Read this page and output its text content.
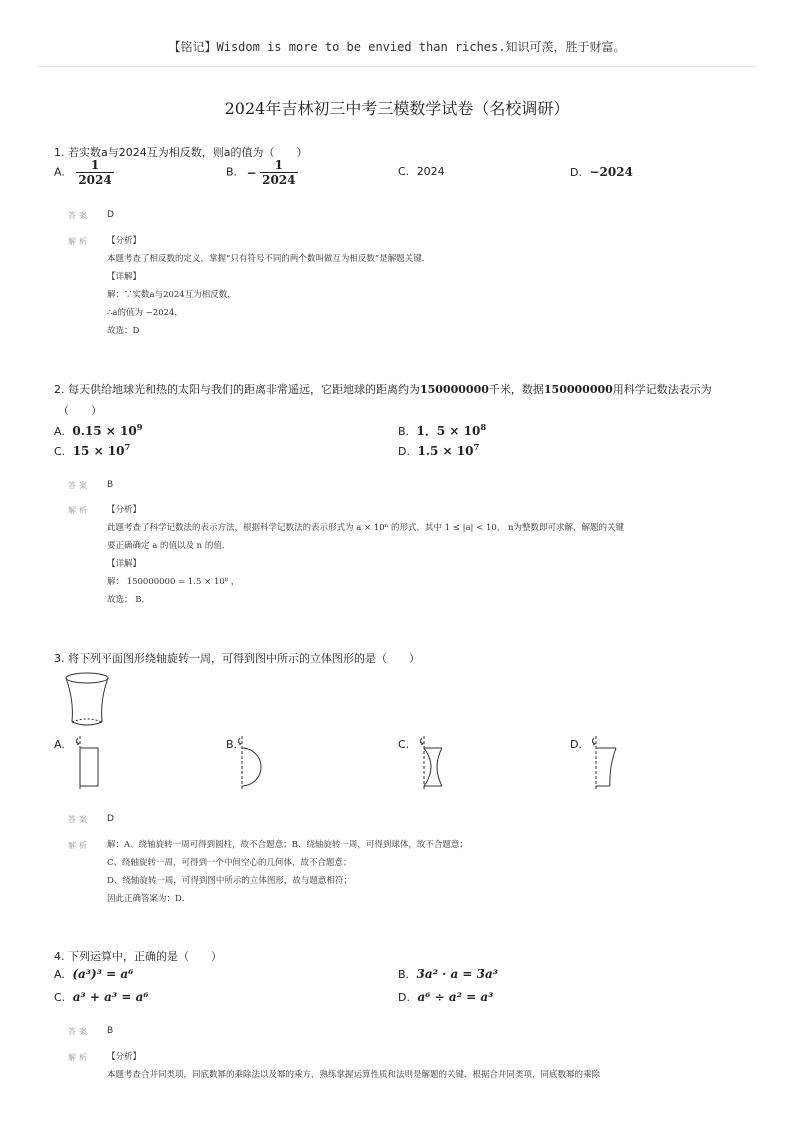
【铭记】Wisdom is more to be envied than riches.知识可羡，胜于财富。
2024年吉林初三中考三模数学试卷（名校调研）
1. 若实数a与2024互为相反数，则a的值为（　　）
A. $\frac{1}{2024}$	B. − $\frac{1}{2024}$	C. 2024	D. −2024
答案 D
解析 【分析】
本题考查了相反数的定义，掌握“只有符号不同的两个数叫做互为相反数”是解题关键．
【详解】
解：∵实数a与2024互为相反数，
∴a的值为 −2024，
故选：D
2. 每天供给地球光和热的太阳与我们的距离非常遥远，它距地球的距离约为150000000千米，数据150000000用科学记数法表示为
（　　）
A. $0.15 \times 10^9$	B. 1．$5 \times 10^8$
C. $15 \times 10^7$	D. $1.5 \times 10^7$
答案 B
解析 【分析】
此题考查了科学记数法的表示方法，根据科学记数法的表示形式为 a × 10ⁿ 的形式，其中 1 ≤ |a| < 10， n为整数即可求解，解题的关键
要正确确定 a 的值以及 n 的值．
【详解】
解： 150000000 = 1.5 × 10⁸ ，
故选： B．
3. 将下列平面图形绕轴旋转一周，可得到图中所示的立体图形的是（　　）
A.	B.	C.	D.
答案 D
解析 解：A、绕轴旋转一周可得到圆柱，故不合题意；B、绕轴旋转一周，可得到球体，故不合题意；
C、绕轴旋转一周，可得到一个中间空心的几何体，故不合题意；
D、绕轴旋转一周，可得到图中所示的立体图形，故与题意相符；
因此正确答案为：D．
4. 下列运算中，正确的是（　　）
A. (a³)³ = a⁶	B. 3a² · a = 3a³
C. a³ + a³ = a⁶	D. a⁶ ÷ a² = a³
答案 B
解析 【分析】
本题考查合并同类项，同底数幂的乘除法以及幂的乘方，熟练掌握运算性质和法则是解题的关键．根据合并同类项，同底数幂的乘除
